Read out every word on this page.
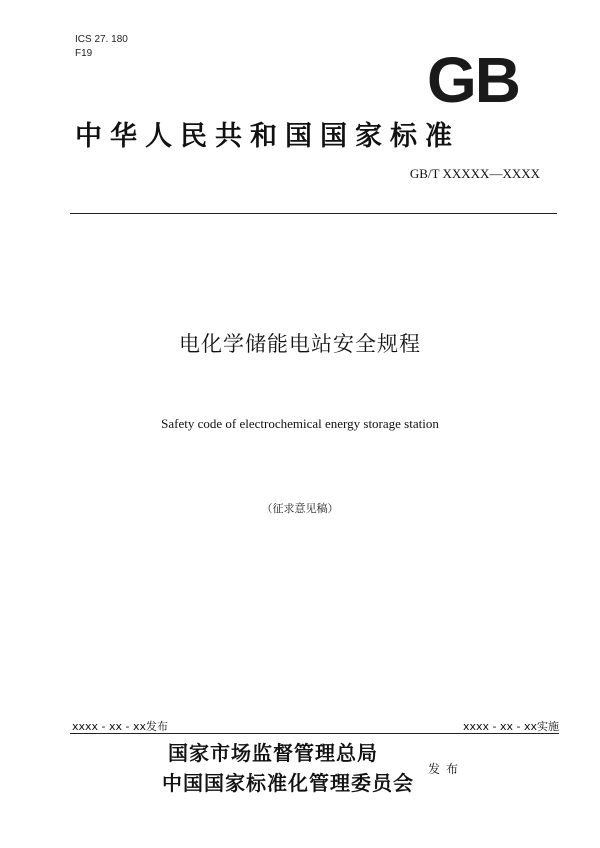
ICS 27. 180
F19	GB
中华人民共和国国家标准
GB/T XXXXX—XXXX
电化学储能电站安全规程
Safety code of electrochemical energy storage station
（征求意见稿）
xxxx - xx - xx发布	xxxx - xx - xx实施
国家市场监督管理总局
中国国家标准化管理委员会
发布
